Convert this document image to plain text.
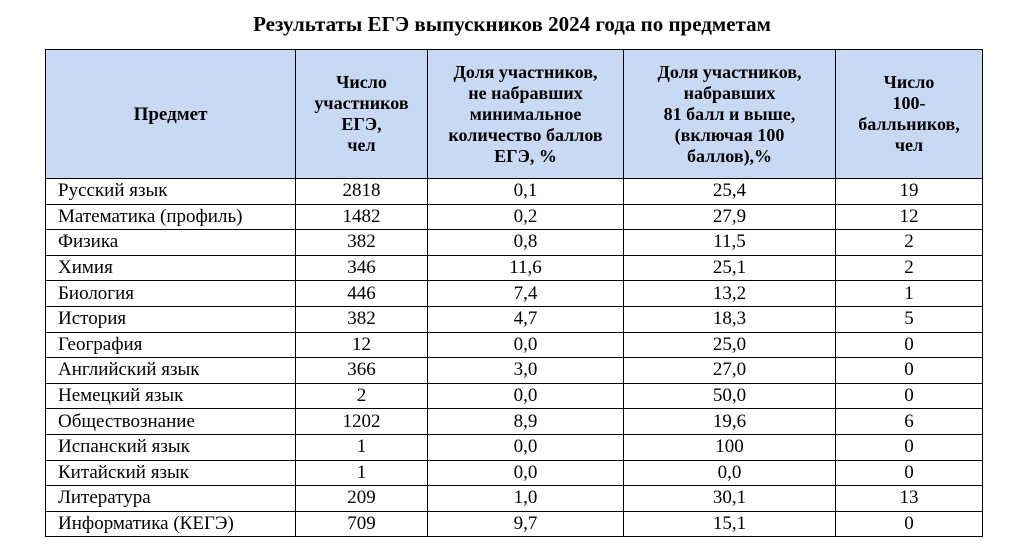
Результаты ЕГЭ выпускников 2024 года по предметам
Предмет	Число
участников
ЕГЭ,
чел	Доля участников,
не набравших
минимальное
количество баллов
ЕГЭ, %	Доля участников,
набравших
81 балл и выше,
(включая 100
баллов),%	Число
100-
балльников,
чел
Русский язык	2818	0,1	25,4	19
Математика (профиль)	1482	0,2	27,9	12
Физика	382	0,8	11,5	2
Химия	346	11,6	25,1	2
Биология	446	7,4	13,2	1
История	382	4,7	18,3	5
География	12	0,0	25,0	0
Английский язык	366	3,0	27,0	0
Немецкий язык	2	0,0	50,0	0
Обществознание	1202	8,9	19,6	6
Испанский язык	1	0,0	100	0
Китайский язык	1	0,0	0,0	0
Литература	209	1,0	30,1	13
Информатика (КЕГЭ)	709	9,7	15,1	0
